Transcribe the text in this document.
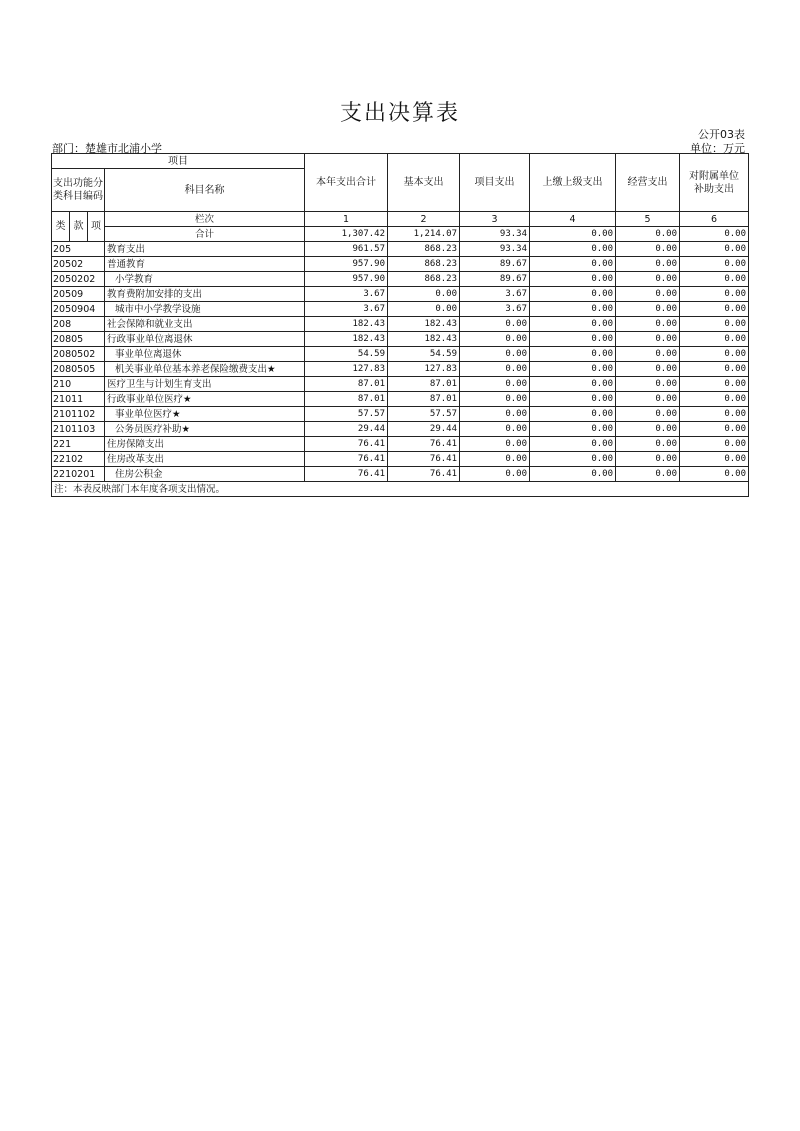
支出决算表
公开03表
部门：楚雄市北浦小学	单位：万元
项目				本年支出合计	基本支出	项目支出	上缴上级支出	经营支出	对附属单位补助支出
支出功能分类科目编码			科目名称						
类	款	项							
			栏次	1	2	3	4	5	6
			合计	1,307.42	1,214.07	93.34	0.00	0.00	0.00
205			教育支出	961.57	868.23	93.34	0.00	0.00	0.00
20502			普通教育	957.90	868.23	89.67	0.00	0.00	0.00
2050202			小学教育	957.90	868.23	89.67	0.00	0.00	0.00
20509			教育费附加安排的支出	3.67	0.00	3.67	0.00	0.00	0.00
2050904			城市中小学教学设施	3.67	0.00	3.67	0.00	0.00	0.00
208			社会保障和就业支出	182.43	182.43	0.00	0.00	0.00	0.00
20805			行政事业单位离退休	182.43	182.43	0.00	0.00	0.00	0.00
2080502			事业单位离退休	54.59	54.59	0.00	0.00	0.00	0.00
2080505			机关事业单位基本养老保险缴费支出★	127.83	127.83	0.00	0.00	0.00	0.00
210			医疗卫生与计划生育支出	87.01	87.01	0.00	0.00	0.00	0.00
21011			行政事业单位医疗★	87.01	87.01	0.00	0.00	0.00	0.00
2101102			事业单位医疗★	57.57	57.57	0.00	0.00	0.00	0.00
2101103			公务员医疗补助★	29.44	29.44	0.00	0.00	0.00	0.00
221			住房保障支出	76.41	76.41	0.00	0.00	0.00	0.00
22102			住房改革支出	76.41	76.41	0.00	0.00	0.00	0.00
2210201			住房公积金	76.41	76.41	0.00	0.00	0.00	0.00
注：本表反映部门本年度各项支出情况。									
